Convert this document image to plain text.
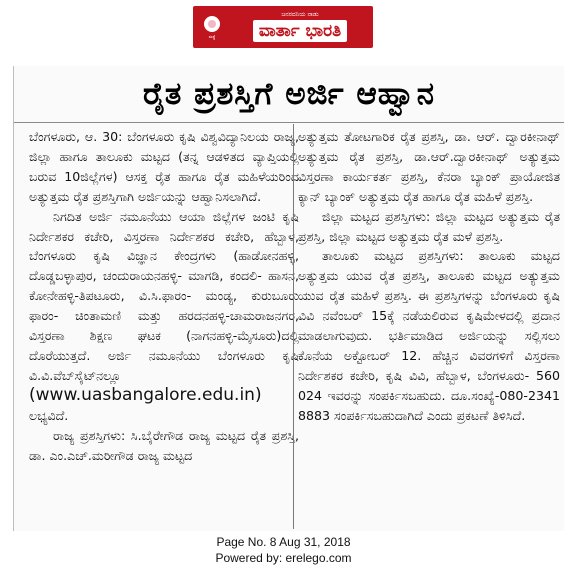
ಸಂಸ್ಥೆ
ಜನರದನಿಯ ನಾಡು
ವಾರ್ತಾ ಭಾರತಿ
ರೈತ ಪ್ರಶಸ್ತಿಗೆ ಅರ್ಜಿ ಆಹ್ವಾನ

ಬೆಂಗಳೂರು, ಆ. 30: ಬೆಂಗಳೂರು ಕೃಷಿ ವಿಶ್ವವಿದ್ಯಾನಿಲಯ ರಾಜ್ಯ, ಜಿಲ್ಲಾ ಹಾಗೂ ತಾಲೂಕು ಮಟ್ಟದ (ತನ್ನ ಆಡಳಿತದ ವ್ಯಾಪ್ತಿಯಲ್ಲಿ ಬರುವ 10ಜಿಲ್ಲೆಗಳ) ಆಸಕ್ತ ರೈತ ಹಾಗೂ ರೈತ ಮಹಿಳೆಯರಿಂದ ಅತ್ಯುತ್ತಮ ರೈತ ಪ್ರಶಸ್ತಿಗಾಗಿ ಅರ್ಜಿಯನ್ನು ಆಹ್ವಾನಿಸಲಾಗಿದೆ.

ನಿಗದಿತ ಅರ್ಜಿ ನಮೂನೆಯು ಆಯಾ ಜಿಲ್ಲೆಗಳ ಜಂಟಿ ಕೃಷಿ ನಿರ್ದೇಶಕರ ಕಚೇರಿ, ವಿಸ್ತರಣಾ ನಿರ್ದೇಶಕರ ಕಚೇರಿ, ಹೆಬ್ಬಾಳ, ಬೆಂಗಳೂರು ಕೃಷಿ ವಿಜ್ಞಾನ ಕೇಂದ್ರಗಳು (ಹಾಡೋನಹಳ್ಳಿ, ದೊಡ್ಡಬಳ್ಳಾಪುರ, ಚಂದುರಾಯನಹಳ್ಳಿ- ಮಾಗಡಿ, ಕಂದಲಿ- ಹಾಸನ, ಕೋನೇಹಳ್ಳಿ-ತಿಪಟೂರು, ವಿ.ಸಿ.ಫಾರಂ- ಮಂಡ್ಯ, ಕುರುಬೂರು ಫಾರಂ- ಚಿಂತಾಮಣಿ ಮತ್ತು ಹರದನಹಳ್ಳಿ-ಚಾಮರಾಜನಗರ, ವಿಸ್ತರಣಾ ಶಿಕ್ಷಣ ಘಟಕ (ನಾಗನಹಳ್ಳಿ-ಮೈಸೂರು)ದಲ್ಲಿ ದೊರೆಯುತ್ತದೆ. ಅರ್ಜಿ ನಮೂನೆಯು ಬೆಂಗಳೂರು ಕೃಷಿ ವಿ.ವಿ.ವೆಬ್‌ಸೈಟ್‌ನಲ್ಲೂ (www.uasbangalore.edu.in) ಲಭ್ಯವಿದೆ.

ರಾಜ್ಯ ಪ್ರಶಸ್ತಿಗಳು: ಸಿ.ಬೈರೇಗೌಡ ರಾಜ್ಯ ಮಟ್ಟದ ರೈತ ಪ್ರಶಸ್ತಿ, ಡಾ. ಎಂ.ಎಚ್.ಮರೀಗೌಡ ರಾಜ್ಯ ಮಟ್ಟದ

ಅತ್ಯುತ್ತಮ ತೋಟಗಾರಿಕ ರೈತ ಪ್ರಶಸ್ತಿ, ಡಾ. ಆರ್. ದ್ವಾರಕೀನಾಥ್ ಅತ್ಯುತ್ತಮ ರೈತ ಪ್ರಶಸ್ತಿ, ಡಾ.ಆರ್.ದ್ವಾರಕೀನಾಥ್ ಅತ್ಯುತ್ತಮ ವಿಸ್ತರಣಾ ಕಾರ್ಯಕರ್ತ ಪ್ರಶಸ್ತಿ, ಕೆನರಾ ಬ್ಯಾಂಕ್ ಪ್ರಾಯೋಜಿತ ಕ್ಯಾನ್ ಬ್ಯಾಂಕ್ ಅತ್ಯುತ್ತಮ ರೈತ ಹಾಗೂ ರೈತ ಮಹಿಳೆ ಪ್ರಶಸ್ತಿ.

ಜಿಲ್ಲಾ ಮಟ್ಟದ ಪ್ರಶಸ್ತಿಗಳು: ಜಿಲ್ಲಾ ಮಟ್ಟದ ಅತ್ಯುತ್ತಮ ರೈತ ಪ್ರಶಸ್ತಿ, ಜಿಲ್ಲಾ ಮಟ್ಟದ ಅತ್ಯುತ್ತಮ ರೈತ ಮಳೆ ಪ್ರಶಸ್ತಿ.

ತಾಲೂಕು ಮಟ್ಟದ ಪ್ರಶಸ್ತಿಗಳು: ತಾಲೂಕು ಮಟ್ಟದ ಅತ್ಯುತ್ತಮ ಯುವ ರೈತ ಪ್ರಶಸ್ತಿ, ತಾಲೂಕು ಮಟ್ಟದ ಅತ್ಯುತ್ತಮ ಯುವ ರೈತ ಮಹಿಳೆ ಪ್ರಶಸ್ತಿ. ಈ ಪ್ರಶಸ್ತಿಗಳನ್ನು ಬೆಂಗಳೂರು ಕೃಷಿ ವಿವಿ ನವೆಂಬರ್ 15ಕ್ಕೆ ನಡೆಯಲಿರುವ ಕೃಷಿಮೇಳದಲ್ಲಿ ಪ್ರದಾನ ಮಾಡಲಾಗುವುದು. ಭರ್ತಿಮಾಡಿದ ಅರ್ಜಿಯನ್ನು ಸಲ್ಲಿಸಲು ಕೊನೆಯ ಅಕ್ಟೋಬರ್ 12. ಹೆಚ್ಚಿನ ವಿವರಗಳಿಗೆ ವಿಸ್ತರಣಾ ನಿರ್ದೇಶಕರ ಕಚೇರಿ, ಕೃಷಿ ವಿವಿ, ಹೆಬ್ಬಾಳ, ಬೆಂಗಳೂರು- 560 024 ಇವರನ್ನು ಸಂಪರ್ಕಿಸಬಹುದು. ದೂ.ಸಂಖ್ಯೆ-080-2341 8883 ಸಂಪರ್ಕಿಸಬಹುದಾಗಿದೆ ಎಂದು ಪ್ರಕಟಣೆ ತಿಳಿಸಿದೆ.

Page No. 8 Aug 31, 2018
Powered by: erelego.com
